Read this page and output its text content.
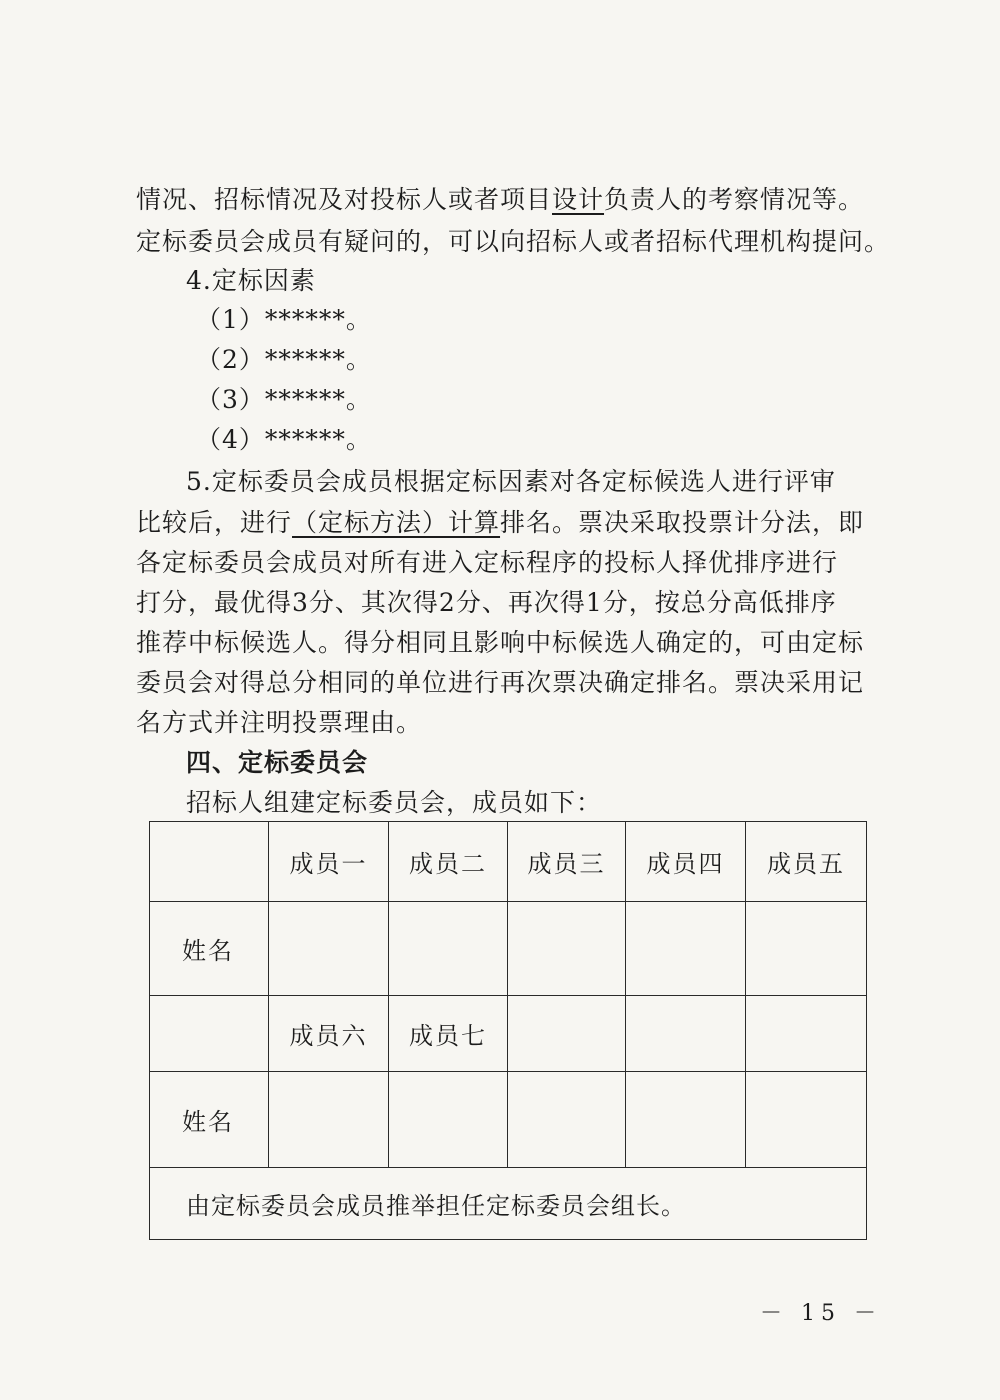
情况、招标情况及对投标人或者项目设计负责人的考察情况等。
定标委员会成员有疑问的，可以向招标人或者招标代理机构提问。
4.定标因素
（1）******。
（2）******。
（3）******。
（4）******。
5.定标委员会成员根据定标因素对各定标候选人进行评审
比较后，进行（定标方法）计算排名。票决采取投票计分法，即
各定标委员会成员对所有进入定标程序的投标人择优排序进行
打分，最优得3分、其次得2分、再次得1分，按总分高低排序
推荐中标候选人。得分相同且影响中标候选人确定的，可由定标
委员会对得总分相同的单位进行再次票决确定排名。票决采用记
名方式并注明投票理由。
四、定标委员会
招标人组建定标委员会，成员如下：
	成员一	成员二	成员三	成员四	成员五
姓名					
	成员六	成员七			
姓名					
由定标委员会成员推举担任定标委员会组长。					
－ 15 －
